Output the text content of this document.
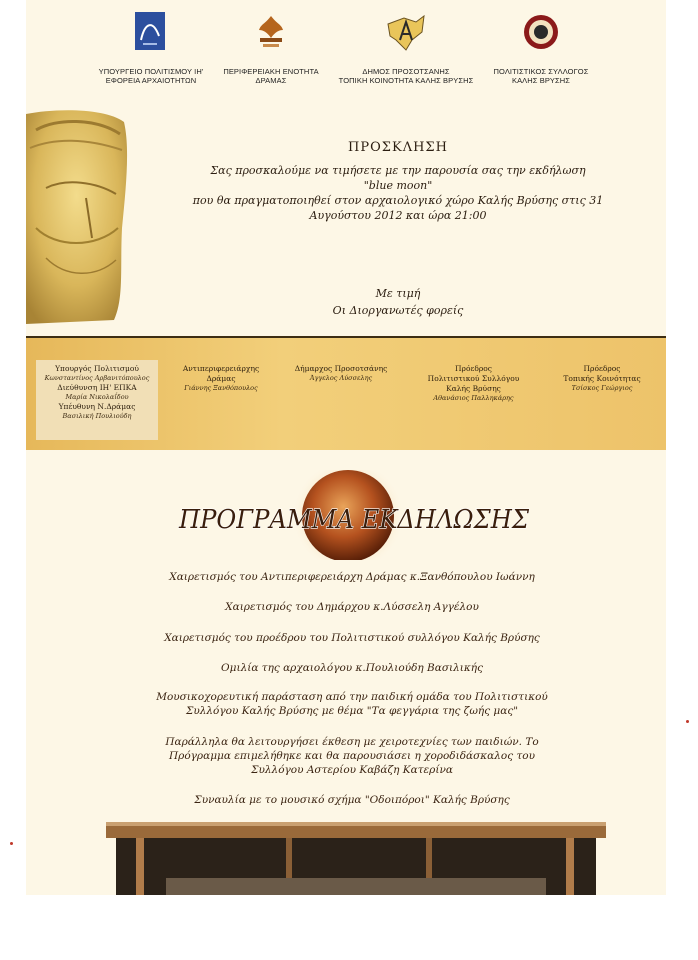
ΥΠΟΥΡΓΕΙΟ ΠΟΛΙΤΙΣΜΟΥ ΙΗ'
ΕΦΟΡΕΙΑ ΑΡΧΑΙΟΤΗΤΩΝ
ΠΕΡΙΦΕΡΕΙΑΚΗ ΕΝΟΤΗΤΑ
ΔΡΑΜΑΣ
ΔΗΜΟΣ ΠΡΟΣΟΤΣΑΝΗΣ
ΤΟΠΙΚΗ ΚΟΙΝΟΤΗΤΑ ΚΑΛΗΣ ΒΡΥΣΗΣ
ΠΟΛΙΤΙΣΤΙΚΟΣ ΣΥΛΛΟΓΟΣ
ΚΑΛΗΣ ΒΡΥΣΗΣ
ΠΡΟΣΚΛΗΣΗ

Σας προσκαλούμε να τιμήσετε με την παρουσία σας την εκδήλωση

"blue moon"

που θα πραγματοποιηθεί στον αρχαιολογικό χώρο Καλής Βρύσης στις 31

Αυγούστου 2012 και ώρα 21:00

Με τιμή
Οι Διοργανωτές φορείς
Υπουργός Πολιτισμού
Κωνσταντίνος Αρβανιτόπουλος
Διεύθυνση ΙΗ' ΕΠΚΑ
Μαρία Νικολαΐδου
Υπέυθυνη Ν.Δράμας
Βασιλική Πουλιούδη
Αντιπεριφερειάρχης
Δράμας
Γιάννης Ξανθόπουλος
Δήμαρχος Προσοτσάνης
Άγγελος Λύσσελης
Πρόεδρος
Πολιτιστικού Συλλόγου
Καλής Βρύσης
Αθανάσιος Παλληκάρης
Πρόεδρος
Τοπικής Κοινότητας
Τσίσκος Γεώργιος
ΠΡΟΓΡΑΜΜΑ ΕΚΔΗΛΩΣΗΣ
Χαιρετισμός του Αντιπεριφερειάρχη Δράμας κ.Ξανθόπουλου Ιωάννη
Χαιρετισμός του Δημάρχου κ.Λύσσελη Αγγέλου
Χαιρετισμός του προέδρου του Πολιτιστικού συλλόγου Καλής Βρύσης
Ομιλία της αρχαιολόγου κ.Πουλιούδη Βασιλικής
Μουσικοχορευτική παράσταση από την παιδική ομάδα του Πολιτιστικού
Συλλόγου Καλής Βρύσης με θέμα "Τα φεγγάρια της ζωής μας"
Παράλληλα θα λειτουργήσει έκθεση με χειροτεχνίες των παιδιών. Το
Πρόγραμμα επιμελήθηκε και θα παρουσιάσει η χοροδιδάσκαλος του
Συλλόγου Αστερίου Καβάζη Κατερίνα
Συναυλία με το μουσικό σχήμα "Οδοιπόροι" Καλής Βρύσης
